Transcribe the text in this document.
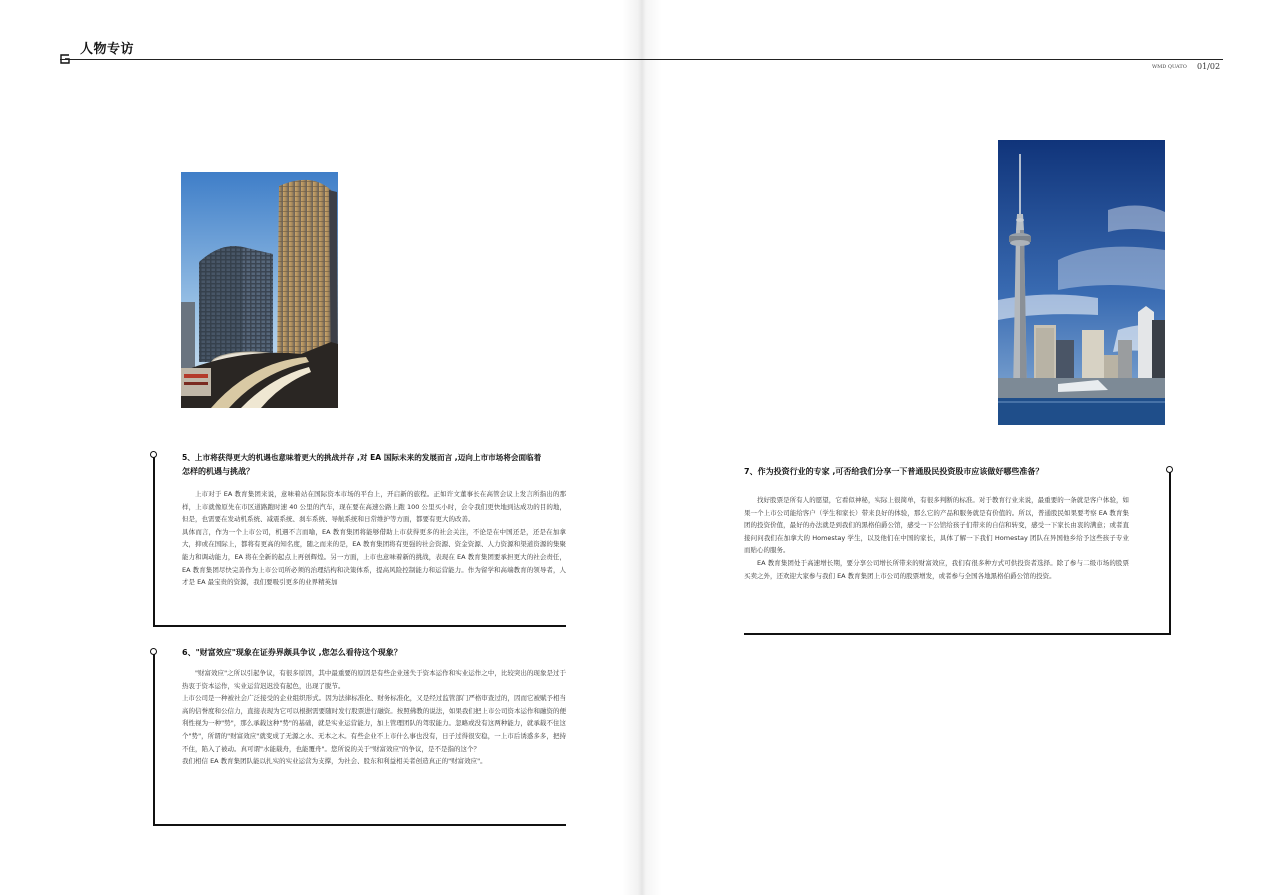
人物专访
WMD QUATO 01/02
5、上市将获得更大的机遇也意味着更大的挑战并存 ,对 EA 国际未来的发展而言 ,迈向上市市场将会面临着
怎样的机遇与挑战？

上市对于 EA 教育集团来说，意味着站在国际资本市场的平台上，开启新的旅程。正如许文董事长在高管会议上发言所指出的那样，上市就像原先在市区道路跑时速 40 公里的汽车，现在要在高速公路上跑 100 公里买小时，会令我们更快地到达成功的目的地，但是，也需要在发动机系统、减震系统、刹车系统、导航系统和日常维护等方面，都要有更大的改善。

具体而言，作为一个上市公司，机遇不言而喻，EA 教育集团将能够借助上市获得更多的社会关注，不论是在中国还是，还是在加拿大，抑或在国际上，都将有更高的知名度，随之而来的是，EA 教育集团将有更强的社会资源、资金资源、人力资源和渠道资源的集聚能力和调动能力，EA 将在全新的起点上再创辉煌。另一方面，上市也意味着新的挑战，表现在 EA 教育集团要承担更大的社会责任，EA 教育集团尽快完善作为上市公司所必须的治理结构和决策体系，提高风险控制能力和运营能力。作为留学和高端教育的领导者，人才是 EA 最宝贵的资源，我们要吸引更多的业界精英加

6、"财富效应"现象在证券界颇具争议 ,您怎么看待这个现象？

"财富效应"之所以引起争议，有很多原因，其中最重要的原因是有些企业迷失于资本运作和实业运作之中，比较突出的现象是过于热衷于资本运作，实业运营迟迟没有起色，出现了脱节。

上市公司是一种被社会广泛接受的企业组织形式。因为法律标准化、财务标准化，又是经过监管部门严格审查过的，因而它被赋予相当高的信誉度和公信力，直接表现为它可以根据需要随时发行股票进行融资。按照佛教的说法，如果我们把上市公司资本运作和融资的便利性视为一种"势"，那么承载这种"势"的基础，就是实业运营能力，加上管理团队的驾驭能力。忽略或没有这两种能力，就承载不住这个"势"，所谓的"财富效应"就变成了无源之水、无本之木。有些企业不上市什么事也没有，日子过得很安稳，一上市后诱惑多多，把持不住，陷入了被动。真可谓"水能载舟，也能覆舟"。您所说的关于"财富效应"的争议，是不是指的这个？

我们相信 EA 教育集团队能以扎实的实业运营为支撑，为社会、股东和利益相关者创造真正的"财富效应"。

7、作为投资行业的专家 ,可否给我们分享一下普通股民投资股市应该做好哪些准备？

找好股票是所有人的愿望，它看似神秘，实际上很简单，有很多判断的标准。对于教育行业来说，最重要的一条就是客户体验，如果一个上市公司能给客户（学生和家长）带来良好的体验，那么它的产品和服务就是有价值的。所以，普通股民如果要考察 EA 教育集团的投资价值，最好的办法就是到我们的黑格伯爵公馆，感受一下公馆给孩子们带来的自信和转变，感受一下家长由衷的满意；或者直接问问我们在加拿大的 Homestay 学生，以及他们在中国的家长，具体了解一下我们 Homestay 团队在异国他乡给予这些孩子专业而贴心的服务。

EA 教育集团处于高速增长期，要分享公司增长所带来的财富效应，我们有很多种方式可供投资者选择。除了参与二级市场的股票买卖之外，还欢迎大家参与我们 EA 教育集团上市公司的股票增发，或者参与全国各地黑格伯爵公馆的投资。
